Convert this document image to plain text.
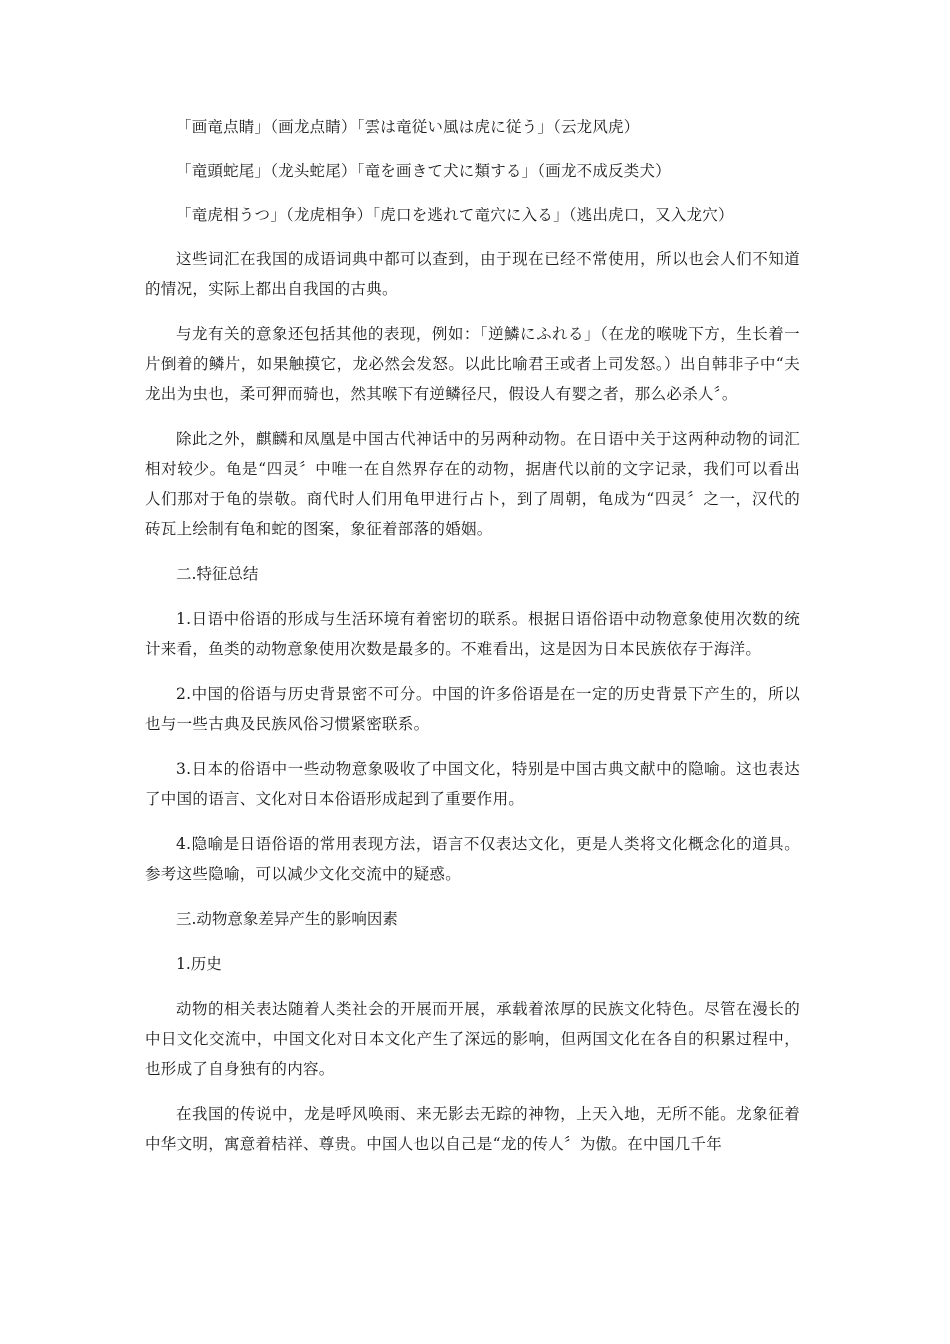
「画竜点睛」（画龙点睛）「雲は竜従い風は虎に従う」（云龙风虎）

「竜頭蛇尾」（龙头蛇尾）「竜を画きて犬に類する」（画龙不成反类犬）

「竜虎相うつ」（龙虎相争）「虎口を逃れて竜穴に入る」（逃出虎口，又入龙穴）

这些词汇在我国的成语词典中都可以查到，由于现在已经不常使用，所以也会人们不知道的情况，实际上都出自我国的古典。

与龙有关的意象还包括其他的表现，例如：「逆鱗にふれる」（在龙的喉咙下方，生长着一片倒着的鳞片，如果触摸它，龙必然会发怒。以此比喻君王或者上司发怒。）出自韩非子中“夫龙出为虫也，柔可狎而骑也，然其喉下有逆鳞径尺，假设人有婴之者，那么必杀人〞。

除此之外，麒麟和凤凰是中国古代神话中的另两种动物。在日语中关于这两种动物的词汇相对较少。龟是“四灵〞中唯一在自然界存在的动物，据唐代以前的文字记录，我们可以看出人们那对于龟的崇敬。商代时人们用龟甲进行占卜，到了周朝，龟成为“四灵〞之一，汉代的砖瓦上绘制有龟和蛇的图案，象征着部落的婚姻。

二.特征总结

1.日语中俗语的形成与生活环境有着密切的联系。根据日语俗语中动物意象使用次数的统计来看，鱼类的动物意象使用次数是最多的。不难看出，这是因为日本民族依存于海洋。

2.中国的俗语与历史背景密不可分。中国的许多俗语是在一定的历史背景下产生的，所以也与一些古典及民族风俗习惯紧密联系。

3.日本的俗语中一些动物意象吸收了中国文化，特别是中国古典文献中的隐喻。这也表达了中国的语言、文化对日本俗语形成起到了重要作用。

4.隐喻是日语俗语的常用表现方法，语言不仅表达文化，更是人类将文化概念化的道具。参考这些隐喻，可以减少文化交流中的疑惑。

三.动物意象差异产生的影响因素

1.历史

动物的相关表达随着人类社会的开展而开展，承载着浓厚的民族文化特色。尽管在漫长的中日文化交流中，中国文化对日本文化产生了深远的影响，但两国文化在各自的积累过程中，也形成了自身独有的内容。

在我国的传说中，龙是呼风唤雨、来无影去无踪的神物，上天入地，无所不能。龙象征着中华文明，寓意着桔祥、尊贵。中国人也以自己是“龙的传人〞为傲。在中国几千年
